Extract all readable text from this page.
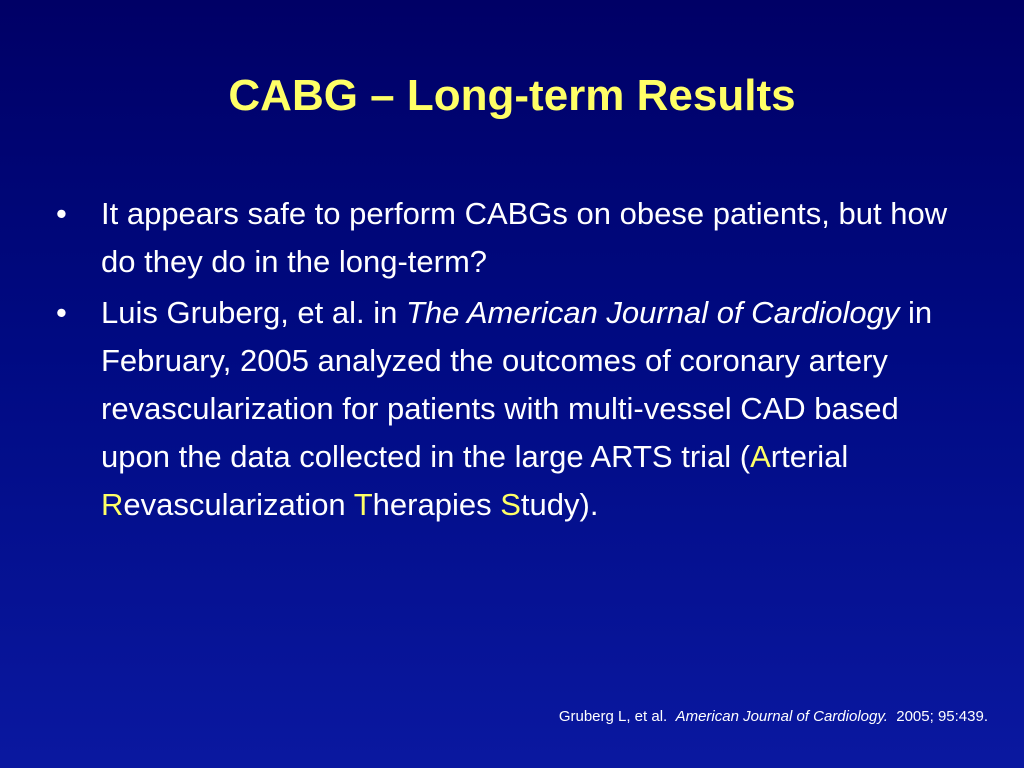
CABG – Long-term Results
•	It appears safe to perform CABGs on obese patients, but how do they do in the long-term?
•	Luis Gruberg, et al. in The American Journal of Cardiology in February, 2005 analyzed the outcomes of coronary artery revascularization for patients with multi-vessel CAD based upon the data collected in the large ARTS trial (Arterial Revascularization Therapies Study).
Gruberg L, et al. American Journal of Cardiology. 2005; 95:439.
